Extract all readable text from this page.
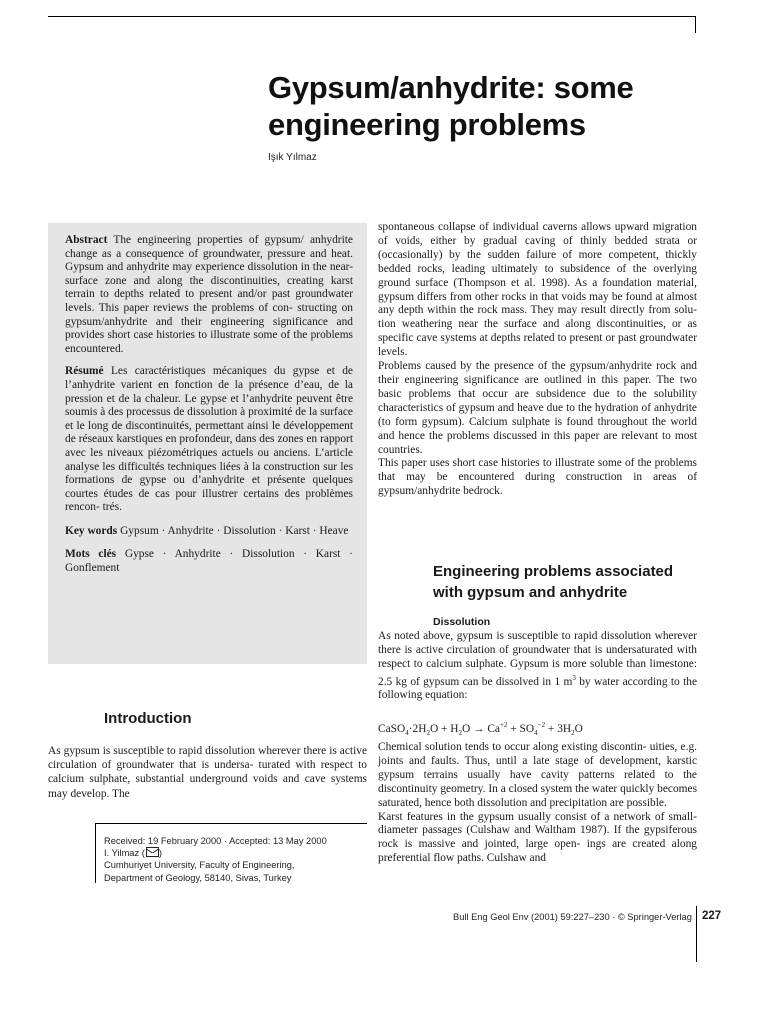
Gypsum/anhydrite: some engineering problems
Işık Yılmaz

Abstract The engineering properties of gypsum/ anhydrite change as a consequence of groundwater, pressure and heat. Gypsum and anhydrite may experience dissolution in the near-surface zone and along the discontinuities, creating karst terrain to depths related to present and/or past groundwater levels. This paper reviews the problems of con- structing on gypsum/anhydrite and their engineering significance and provides short case histories to illustrate some of the problems encountered.

Résumé Les caractéristiques mécaniques du gypse et de l’anhydrite varient en fonction de la présence d’eau, de la pression et de la chaleur. Le gypse et l’anhydrite peuvent être soumis à des processus de dissolution à proximité de la surface et le long de discontinuités, permettant ainsi le développement de réseaux karstiques en profondeur, dans des zones en rapport avec les niveaux piézométriques actuels ou anciens. L’article analyse les difficultés techniques liées à la construction sur les formations de gypse ou d’anhydrite et présente quelques courtes études de cas pour illustrer certains des problèmes rencon- trés.

Key words Gypsum · Anhydrite · Dissolution · Karst · Heave

Mots clés Gypse · Anhydrite · Dissolution · Karst · Gonflement

Introduction

As gypsum is susceptible to rapid dissolution wherever there is active circulation of groundwater that is undersa- turated with respect to calcium sulphate, substantial underground voids and cave systems may develop. The

Received: 19 February 2000 · Accepted: 13 May 2000
I. Yilmaz ( )
Cumhuriyet University, Faculty of Engineering,
Department of Geology, 58140, Sivas, Turkey

spontaneous collapse of individual caverns allows upward migration of voids, either by gradual caving of thinly bedded strata or (occasionally) by the sudden failure of more competent, thickly bedded rocks, leading ultimately to subsidence of the overlying ground surface (Thompson et al. 1998). As a foundation material, gypsum differs from other rocks in that voids may be found at almost any depth within the rock mass. They may result directly from solu- tion weathering near the surface and along discontinuities, or as specific cave systems at depths related to present or past groundwater levels.

Problems caused by the presence of the gypsum/anhydrite rock and their engineering significance are outlined in this paper. The two basic problems that occur are subsidence due to the solubility characteristics of gypsum and heave due to the hydration of anhydrite (to form gypsum). Calcium sulphate is found throughout the world and hence the problems discussed in this paper are relevant to most countries.

This paper uses short case histories to illustrate some of the problems that may be encountered during construction in areas of gypsum/anhydrite bedrock.

Engineering problems associated with gypsum and anhydrite
Dissolution

As noted above, gypsum is susceptible to rapid dissolution wherever there is active circulation of groundwater that is undersaturated with respect to calcium sulphate. Gypsum is more soluble than limestone: 2.5 kg of gypsum can be dissolved in 1 $m^3$ by water according to the following equation:

$CaSO_4\cdot 2H_2O + H_2O \to Ca^{+2} + SO_4^{-2} + 3H_2O$

Chemical solution tends to occur along existing discontin- uities, e.g. joints and faults. Thus, until a late stage of development, karstic gypsum terrains usually have cavity patterns related to the discontinuity geometry. In a closed system the water quickly becomes saturated, hence both dissolution and precipitation are possible.

Karst features in the gypsum usually consist of a network of small-diameter passages (Culshaw and Waltham 1987). If the gypsiferous rock is massive and jointed, large open- ings are created along preferential flow paths. Culshaw and

Bull Eng Geol Env (2001) 59:227–230 · © Springer-Verlag 227
